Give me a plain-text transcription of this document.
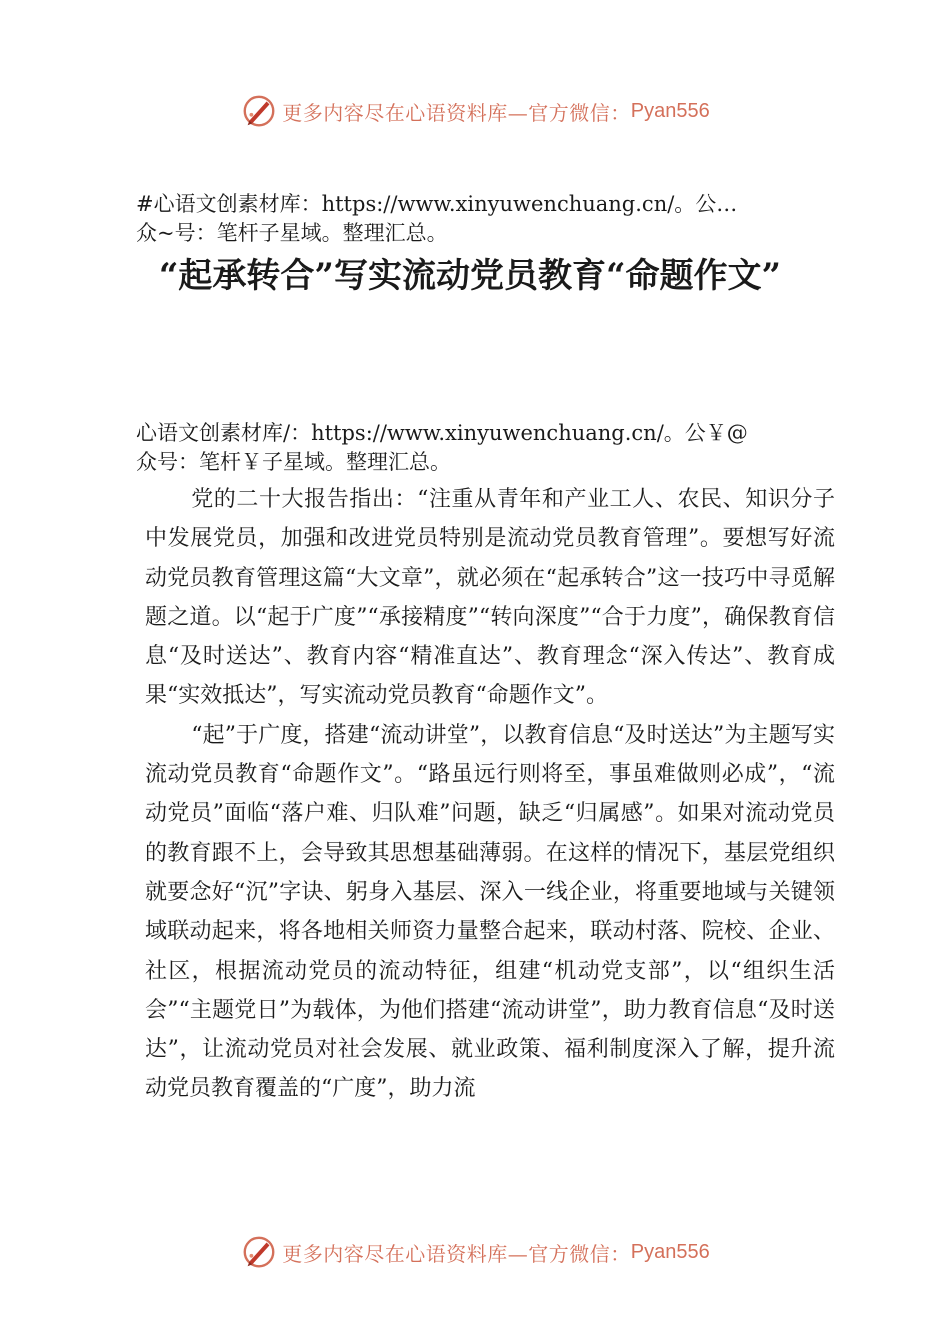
更多内容尽在心语资料库—官方微信： Pyan556

#心语文创素材库：https://www.xinyuwenchuang.cn/。公…
众~号：笔杆子星域。整理汇总。

“起承转合”写实流动党员教育“命题作文”

心语文创素材库/：https://www.xinyuwenchuang.cn/。公￥@
众号：笔杆￥子星域。整理汇总。

党的二十大报告指出：“注重从青年和产业工人、农民、知识分子中发展党员，加强和改进党员特别是流动党员教育管理”。要想写好流动党员教育管理这篇“大文章”，就必须在“起承转合”这一技巧中寻觅解题之道。以“起于广度”“承接精度”“转向深度”“合于力度”，确保教育信息“及时送达”、教育内容“精准直达”、教育理念“深入传达”、教育成果“实效抵达”，写实流动党员教育“命题作文”。

“起”于广度，搭建“流动讲堂”，以教育信息“及时送达”为主题写实流动党员教育“命题作文”。“路虽远行则将至，事虽难做则必成”，“流动党员”面临“落户难、归队难”问题，缺乏“归属感”。如果对流动党员的教育跟不上，会导致其思想基础薄弱。在这样的情况下，基层党组织就要念好“沉”字诀、躬身入基层、深入一线企业，将重要地域与关键领域联动起来，将各地相关师资力量整合起来，联动村落、院校、企业、社区，根据流动党员的流动特征，组建“机动党支部”，以“组织生活会”“主题党日”为载体，为他们搭建“流动讲堂”，助力教育信息“及时送达”，让流动党员对社会发展、就业政策、福利制度深入了解，提升流动党员教育覆盖的“广度”，助力流

更多内容尽在心语资料库—官方微信： Pyan556
